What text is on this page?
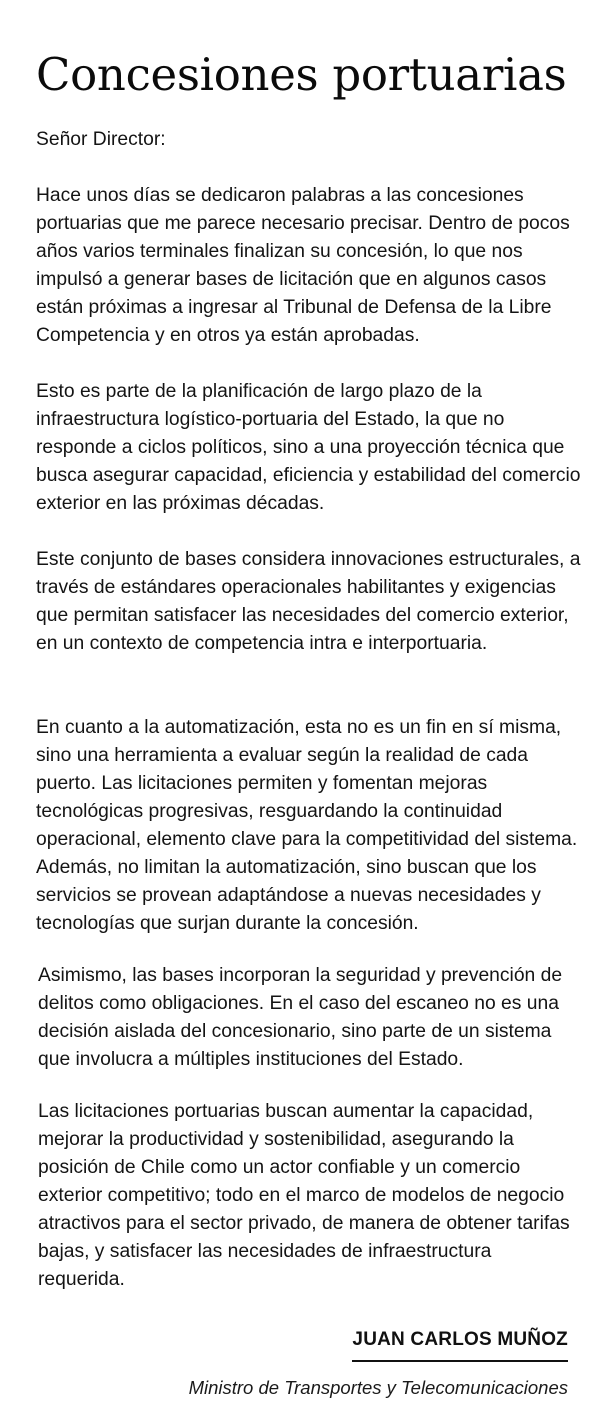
Concesiones portuarias

Señor Director:

Hace unos días se dedicaron palabras a las concesiones portuarias que me parece necesario precisar. Dentro de pocos años varios terminales finalizan su concesión, lo que nos impulsó a generar bases de licitación que en algunos casos están próximas a ingresar al Tribunal de Defensa de la Libre Competencia y en otros ya están aprobadas.

Esto es parte de la planificación de largo plazo de la infraestructura logístico-portuaria del Estado, la que no responde a ciclos políticos, sino a una proyección técnica que busca asegurar capacidad, eficiencia y estabilidad del comercio exterior en las próximas décadas.

Este conjunto de bases considera innovaciones estructurales, a través de estándares operacionales habilitantes y exigencias que permitan satisfacer las necesidades del comercio exterior, en un contexto de competencia intra e interportuaria.

En cuanto a la automatización, esta no es un fin en sí misma, sino una herramienta a evaluar según la realidad de cada puerto. Las licitaciones permiten y fomentan mejoras tecnológicas progresivas, resguardando la continuidad operacional, elemento clave para la competitividad del sistema. Además, no limitan la automatización, sino buscan que los servicios se provean adaptándose a nuevas necesidades y tecnologías que surjan durante la concesión.

Asimismo, las bases incorporan la seguridad y prevención de delitos como obligaciones. En el caso del escaneo no es una decisión aislada del concesionario, sino parte de un sistema que involucra a múltiples instituciones del Estado.

Las licitaciones portuarias buscan aumentar la capacidad, mejorar la productividad y sostenibilidad, asegurando la posición de Chile como un actor confiable y un comercio exterior competitivo; todo en el marco de modelos de negocio atractivos para el sector privado, de manera de obtener tarifas bajas, y satisfacer las necesidades de infraestructura requerida.

JUAN CARLOS MUÑOZ
Ministro de Transportes y Telecomunicaciones
